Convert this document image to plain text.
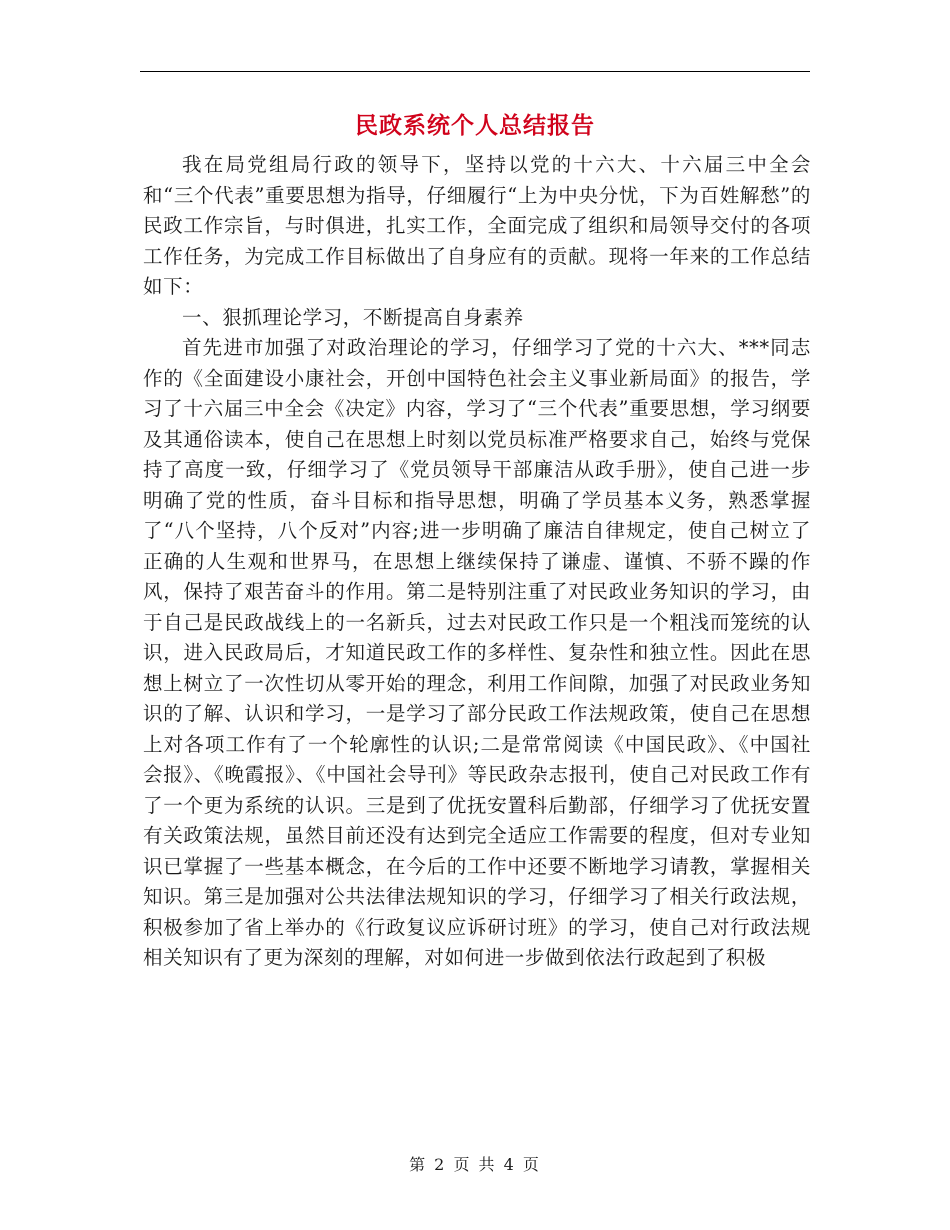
民政系统个人总结报告

我在局党组局行政的领导下，坚持以党的十六大、十六届三中全会和“三个代表”重要思想为指导，仔细履行“上为中央分忧，下为百姓解愁”的民政工作宗旨，与时俱进，扎实工作，全面完成了组织和局领导交付的各项工作任务，为完成工作目标做出了自身应有的贡献。现将一年来的工作总结如下：

一、狠抓理论学习，不断提高自身素养

首先进市加强了对政治理论的学习，仔细学习了党的十六大、***同志作的《全面建设小康社会，开创中国特色社会主义事业新局面》的报告，学习了十六届三中全会《决定》内容，学习了“三个代表”重要思想，学习纲要及其通俗读本，使自己在思想上时刻以党员标准严格要求自己，始终与党保持了高度一致，仔细学习了《党员领导干部廉洁从政手册》，使自己进一步明确了党的性质，奋斗目标和指导思想，明确了学员基本义务，熟悉掌握了“八个坚持，八个反对”内容;进一步明确了廉洁自律规定，使自己树立了正确的人生观和世界马，在思想上继续保持了谦虚、谨慎、不骄不躁的作风，保持了艰苦奋斗的作用。第二是特别注重了对民政业务知识的学习，由于自己是民政战线上的一名新兵，过去对民政工作只是一个粗浅而笼统的认识，进入民政局后，才知道民政工作的多样性、复杂性和独立性。因此在思想上树立了一次性切从零开始的理念，利用工作间隙，加强了对民政业务知识的了解、认识和学习，一是学习了部分民政工作法规政策，使自己在思想上对各项工作有了一个轮廓性的认识;二是常常阅读《中国民政》、《中国社会报》、《晚霞报》、《中国社会导刊》等民政杂志报刊，使自己对民政工作有了一个更为系统的认识。三是到了优抚安置科后勤部，仔细学习了优抚安置有关政策法规，虽然目前还没有达到完全适应工作需要的程度，但对专业知识已掌握了一些基本概念，在今后的工作中还要不断地学习请教，掌握相关知识。第三是加强对公共法律法规知识的学习，仔细学习了相关行政法规，积极参加了省上举办的《行政复议应诉研讨班》的学习，使自己对行政法规相关知识有了更为深刻的理解，对如何进一步做到依法行政起到了积极

第 2 页 共 4 页
